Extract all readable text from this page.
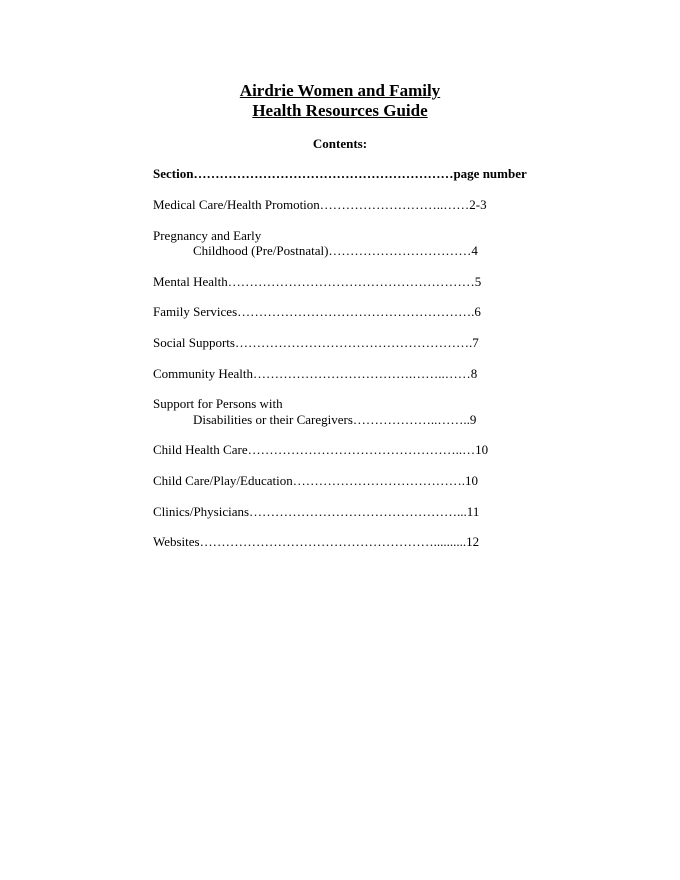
Airdrie Women and Family
Health Resources Guide
Contents:
Section……………………………………………………page number
Medical Care/Health Promotion………………………..……2-3
Pregnancy and Early
Childhood (Pre/Postnatal)……………………………4
Mental Health…………………………………………………5
Family Services……………………………………………….6
Social Supports……………………………………………….7
Community Health……………………………….……..……8
Support for Persons with
Disabilities or their Caregivers………………..……..9
Child Health Care…………………………………………..…10
Child Care/Play/Education………………………………….10
Clinics/Physicians…………………………………………...11
Websites………………………………………………..........12
